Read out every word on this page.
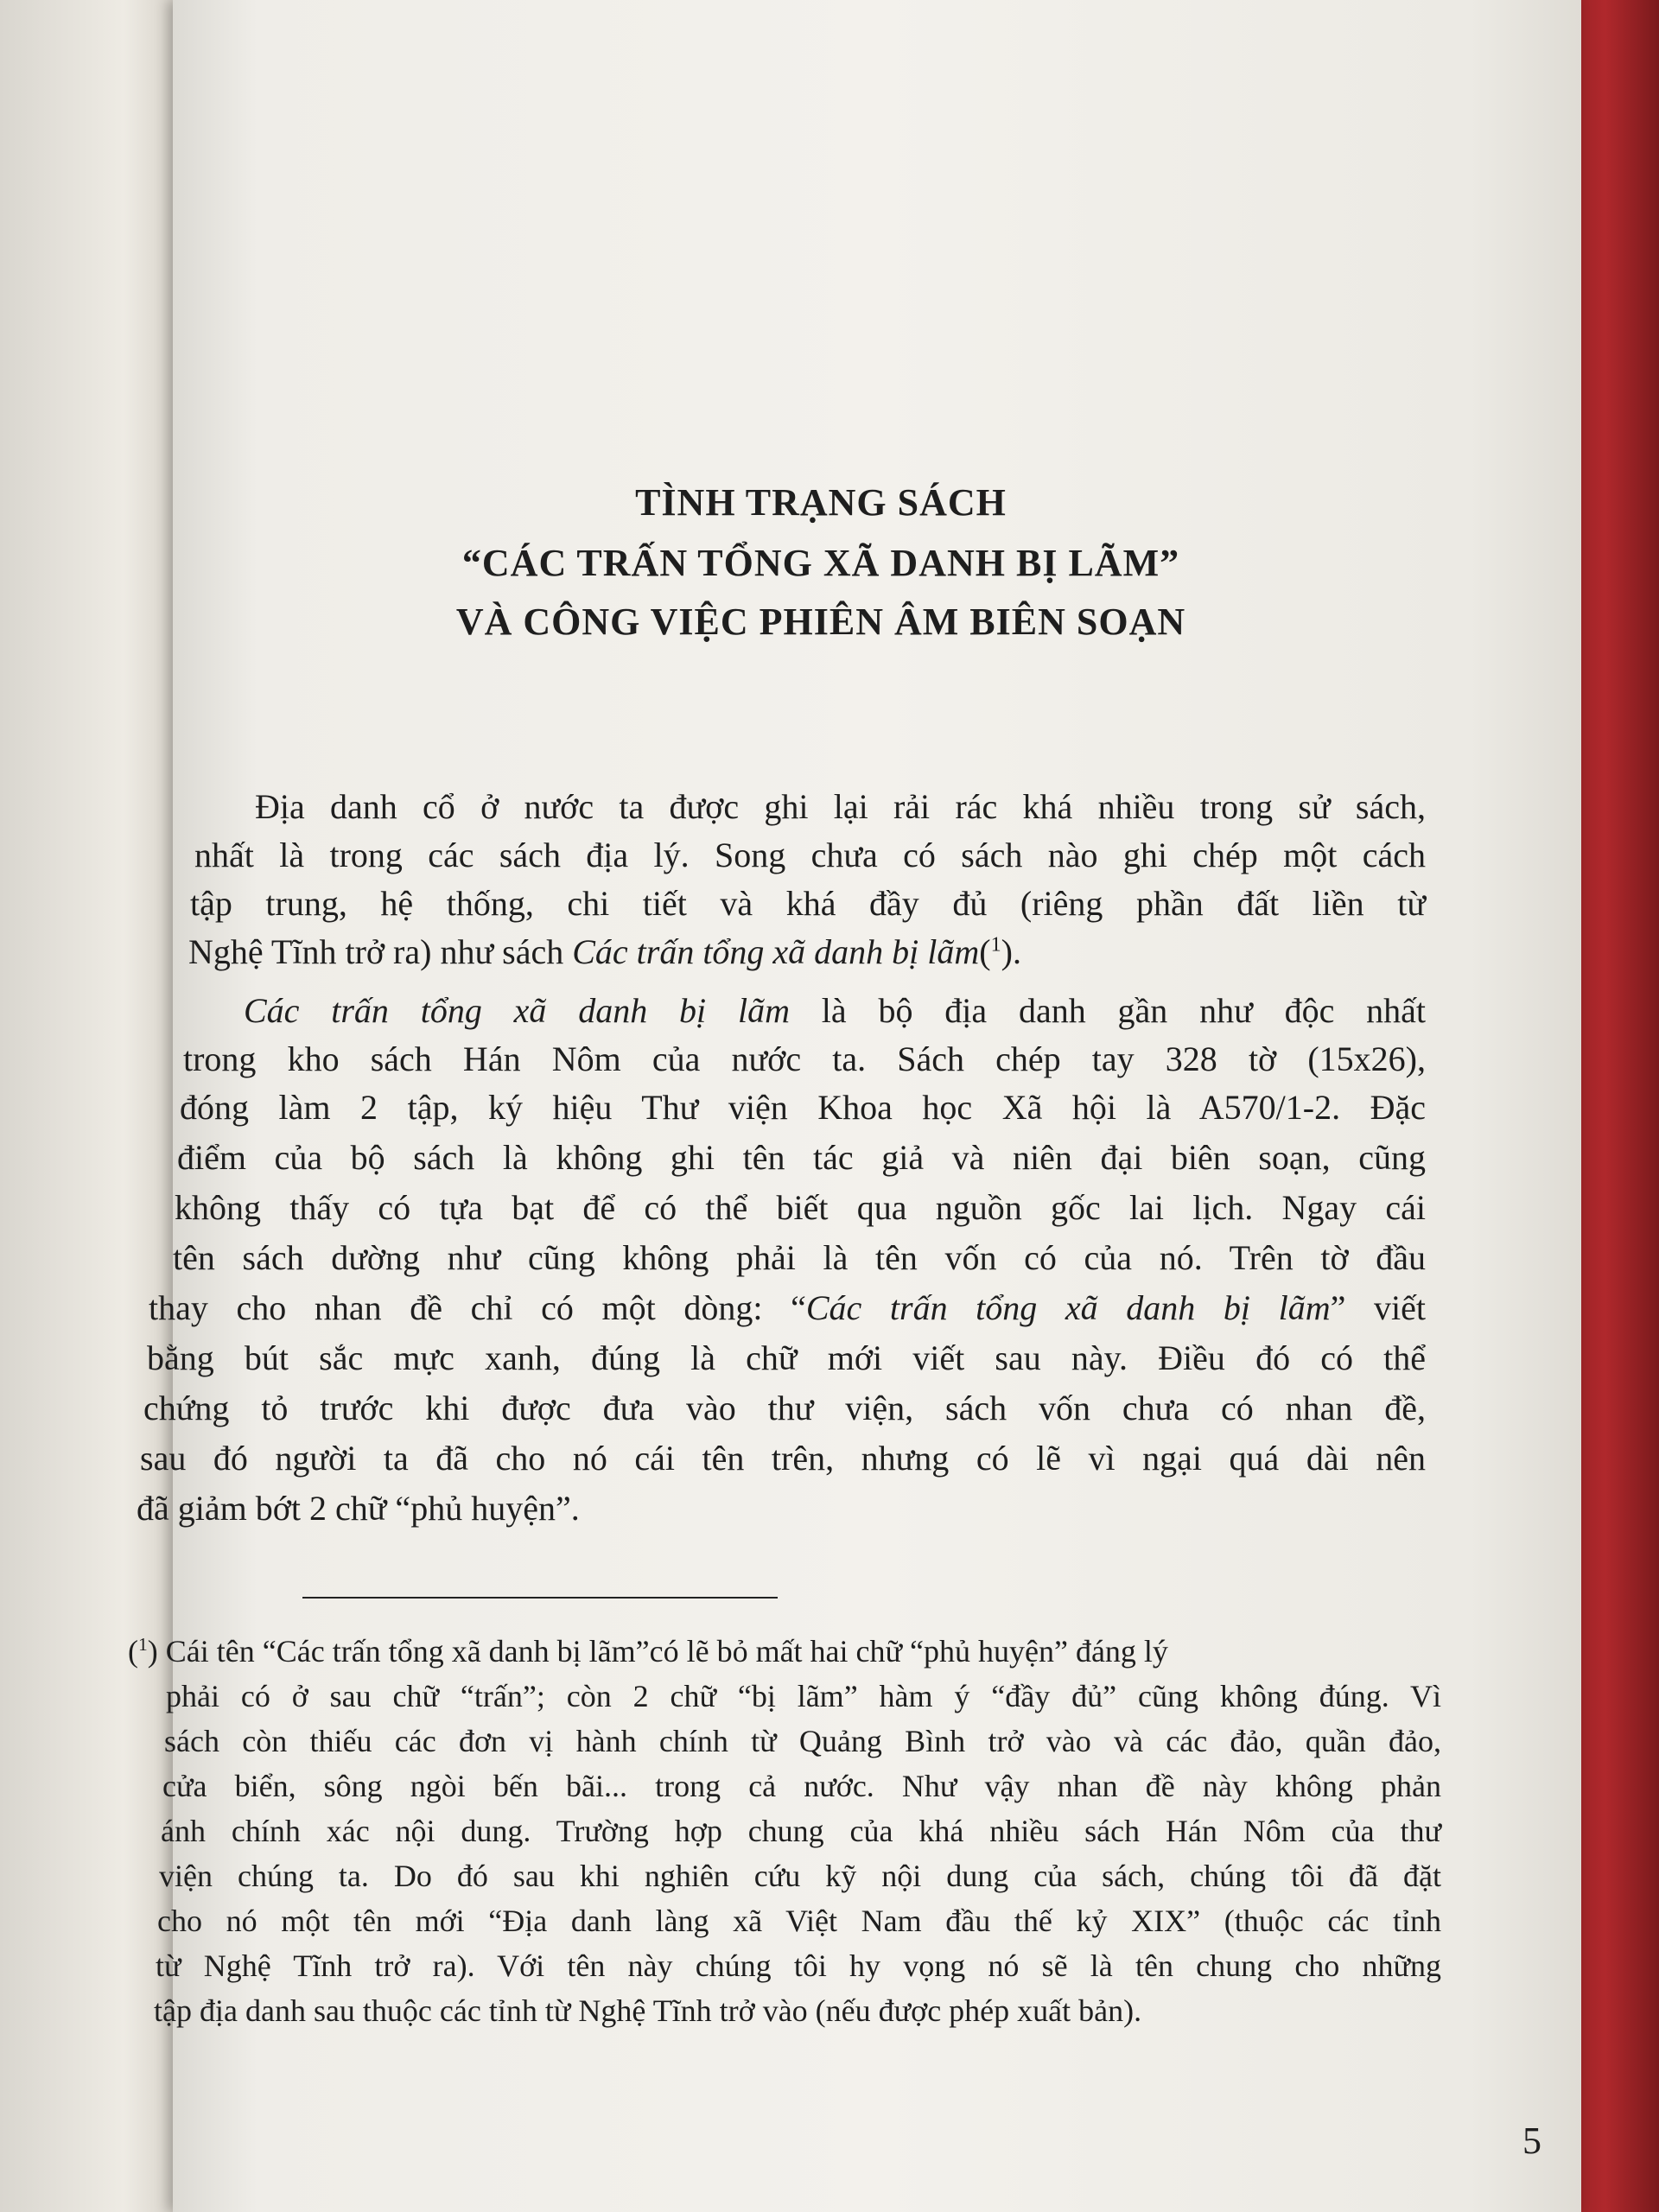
TÌNH TRẠNG SÁCH
“CÁC TRẤN TỔNG XÃ DANH BỊ LÃM”
VÀ CÔNG VIỆC PHIÊN ÂM BIÊN SOẠN
Địa danh cổ ở nước ta được ghi lại rải rác khá nhiều trong sử sách,
nhất là trong các sách địa lý. Song chưa có sách nào ghi chép một cách
tập trung, hệ thống, chi tiết và khá đầy đủ (riêng phần đất liền từ
Nghệ Tĩnh trở ra) như sách Các trấn tổng xã danh bị lãm($^1$).
Các trấn tổng xã danh bị lãm là bộ địa danh gần như độc nhất
trong kho sách Hán Nôm của nước ta. Sách chép tay 328 tờ (15x26),
đóng làm 2 tập, ký hiệu Thư viện Khoa học Xã hội là A570/1-2. Đặc
điểm của bộ sách là không ghi tên tác giả và niên đại biên soạn, cũng
không thấy có tựa bạt để có thể biết qua nguồn gốc lai lịch. Ngay cái
tên sách dường như cũng không phải là tên vốn có của nó. Trên tờ đầu
thay cho nhan đề chỉ có một dòng: “Các trấn tổng xã danh bị lãm” viết
bằng bút sắc mực xanh, đúng là chữ mới viết sau này. Điều đó có thể
chứng tỏ trước khi được đưa vào thư viện, sách vốn chưa có nhan đề,
sau đó người ta đã cho nó cái tên trên, nhưng có lẽ vì ngại quá dài nên
đã giảm bớt 2 chữ “phủ huyện”.
($^1$) Cái tên “Các trấn tổng xã danh bị lãm”có lẽ bỏ mất hai chữ “phủ huyện” đáng lý
phải có ở sau chữ “trấn”; còn 2 chữ “bị lãm” hàm ý “đầy đủ” cũng không đúng. Vì
sách còn thiếu các đơn vị hành chính từ Quảng Bình trở vào và các đảo, quần đảo,
cửa biển, sông ngòi bến bãi... trong cả nước. Như vậy nhan đề này không phản
ánh chính xác nội dung. Trường hợp chung của khá nhiều sách Hán Nôm của thư
viện chúng ta. Do đó sau khi nghiên cứu kỹ nội dung của sách, chúng tôi đã đặt
cho nó một tên mới “Địa danh làng xã Việt Nam đầu thế kỷ XIX” (thuộc các tỉnh
từ Nghệ Tĩnh trở ra). Với tên này chúng tôi hy vọng nó sẽ là tên chung cho những
tập địa danh sau thuộc các tỉnh từ Nghệ Tĩnh trở vào (nếu được phép xuất bản).
5
